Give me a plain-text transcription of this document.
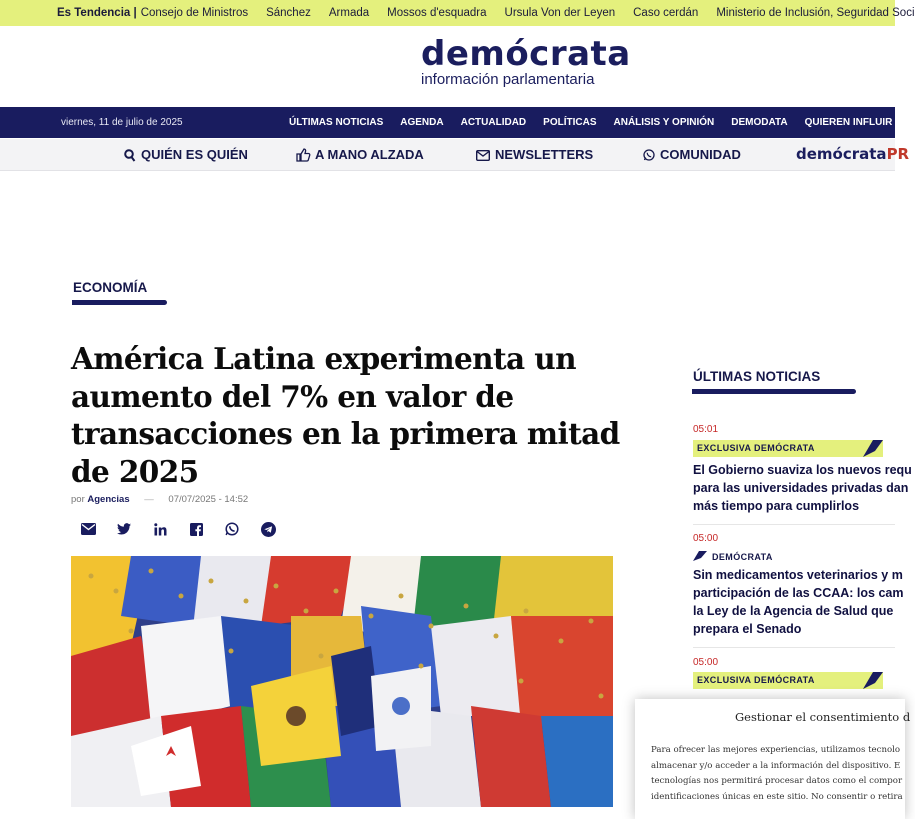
Es Tendencia | Consejo de Ministros Sánchez Armada Mossos d'esquadra Ursula Von der Leyen Caso cerdán Ministerio de Inclusión, Seguridad Soci
demócrata
información parlamentaria
viernes, 11 de julio de 2025	ÚLTIMAS NOTICIAS AGENDA ACTUALIDAD POLÍTICAS ANÁLISIS Y OPINIÓN DEMODATA QUIEREN INFLUIR
QUIÉN ES QUIÉN	A MANO ALZADA	NEWSLETTERS	COMUNIDAD	demócrataPR
ECONOMÍA
América Latina experimenta un aumento del 7% en valor de transacciones en la primera mitad de 2025
por Agencias — 07/07/2025 - 14:52
ÚLTIMAS NOTICIAS
05:01
EXCLUSIVA DEMÓCRATA
El Gobierno suaviza los nuevos requ
para las universidades privadas dan
más tiempo para cumplirlos
05:00
DEMÓCRATA
Sin medicamentos veterinarios y m
participación de las CCAA: los cam
la Ley de la Agencia de Salud que
prepara el Senado
05:00
EXCLUSIVA DEMÓCRATA
Gestionar el consentimiento d
Para ofrecer las mejores experiencias, utilizamos tecnolo
almacenar y/o acceder a la información del dispositivo. E
tecnologías nos permitirá procesar datos como el compor
identificaciones únicas en este sitio. No consentir o retira
